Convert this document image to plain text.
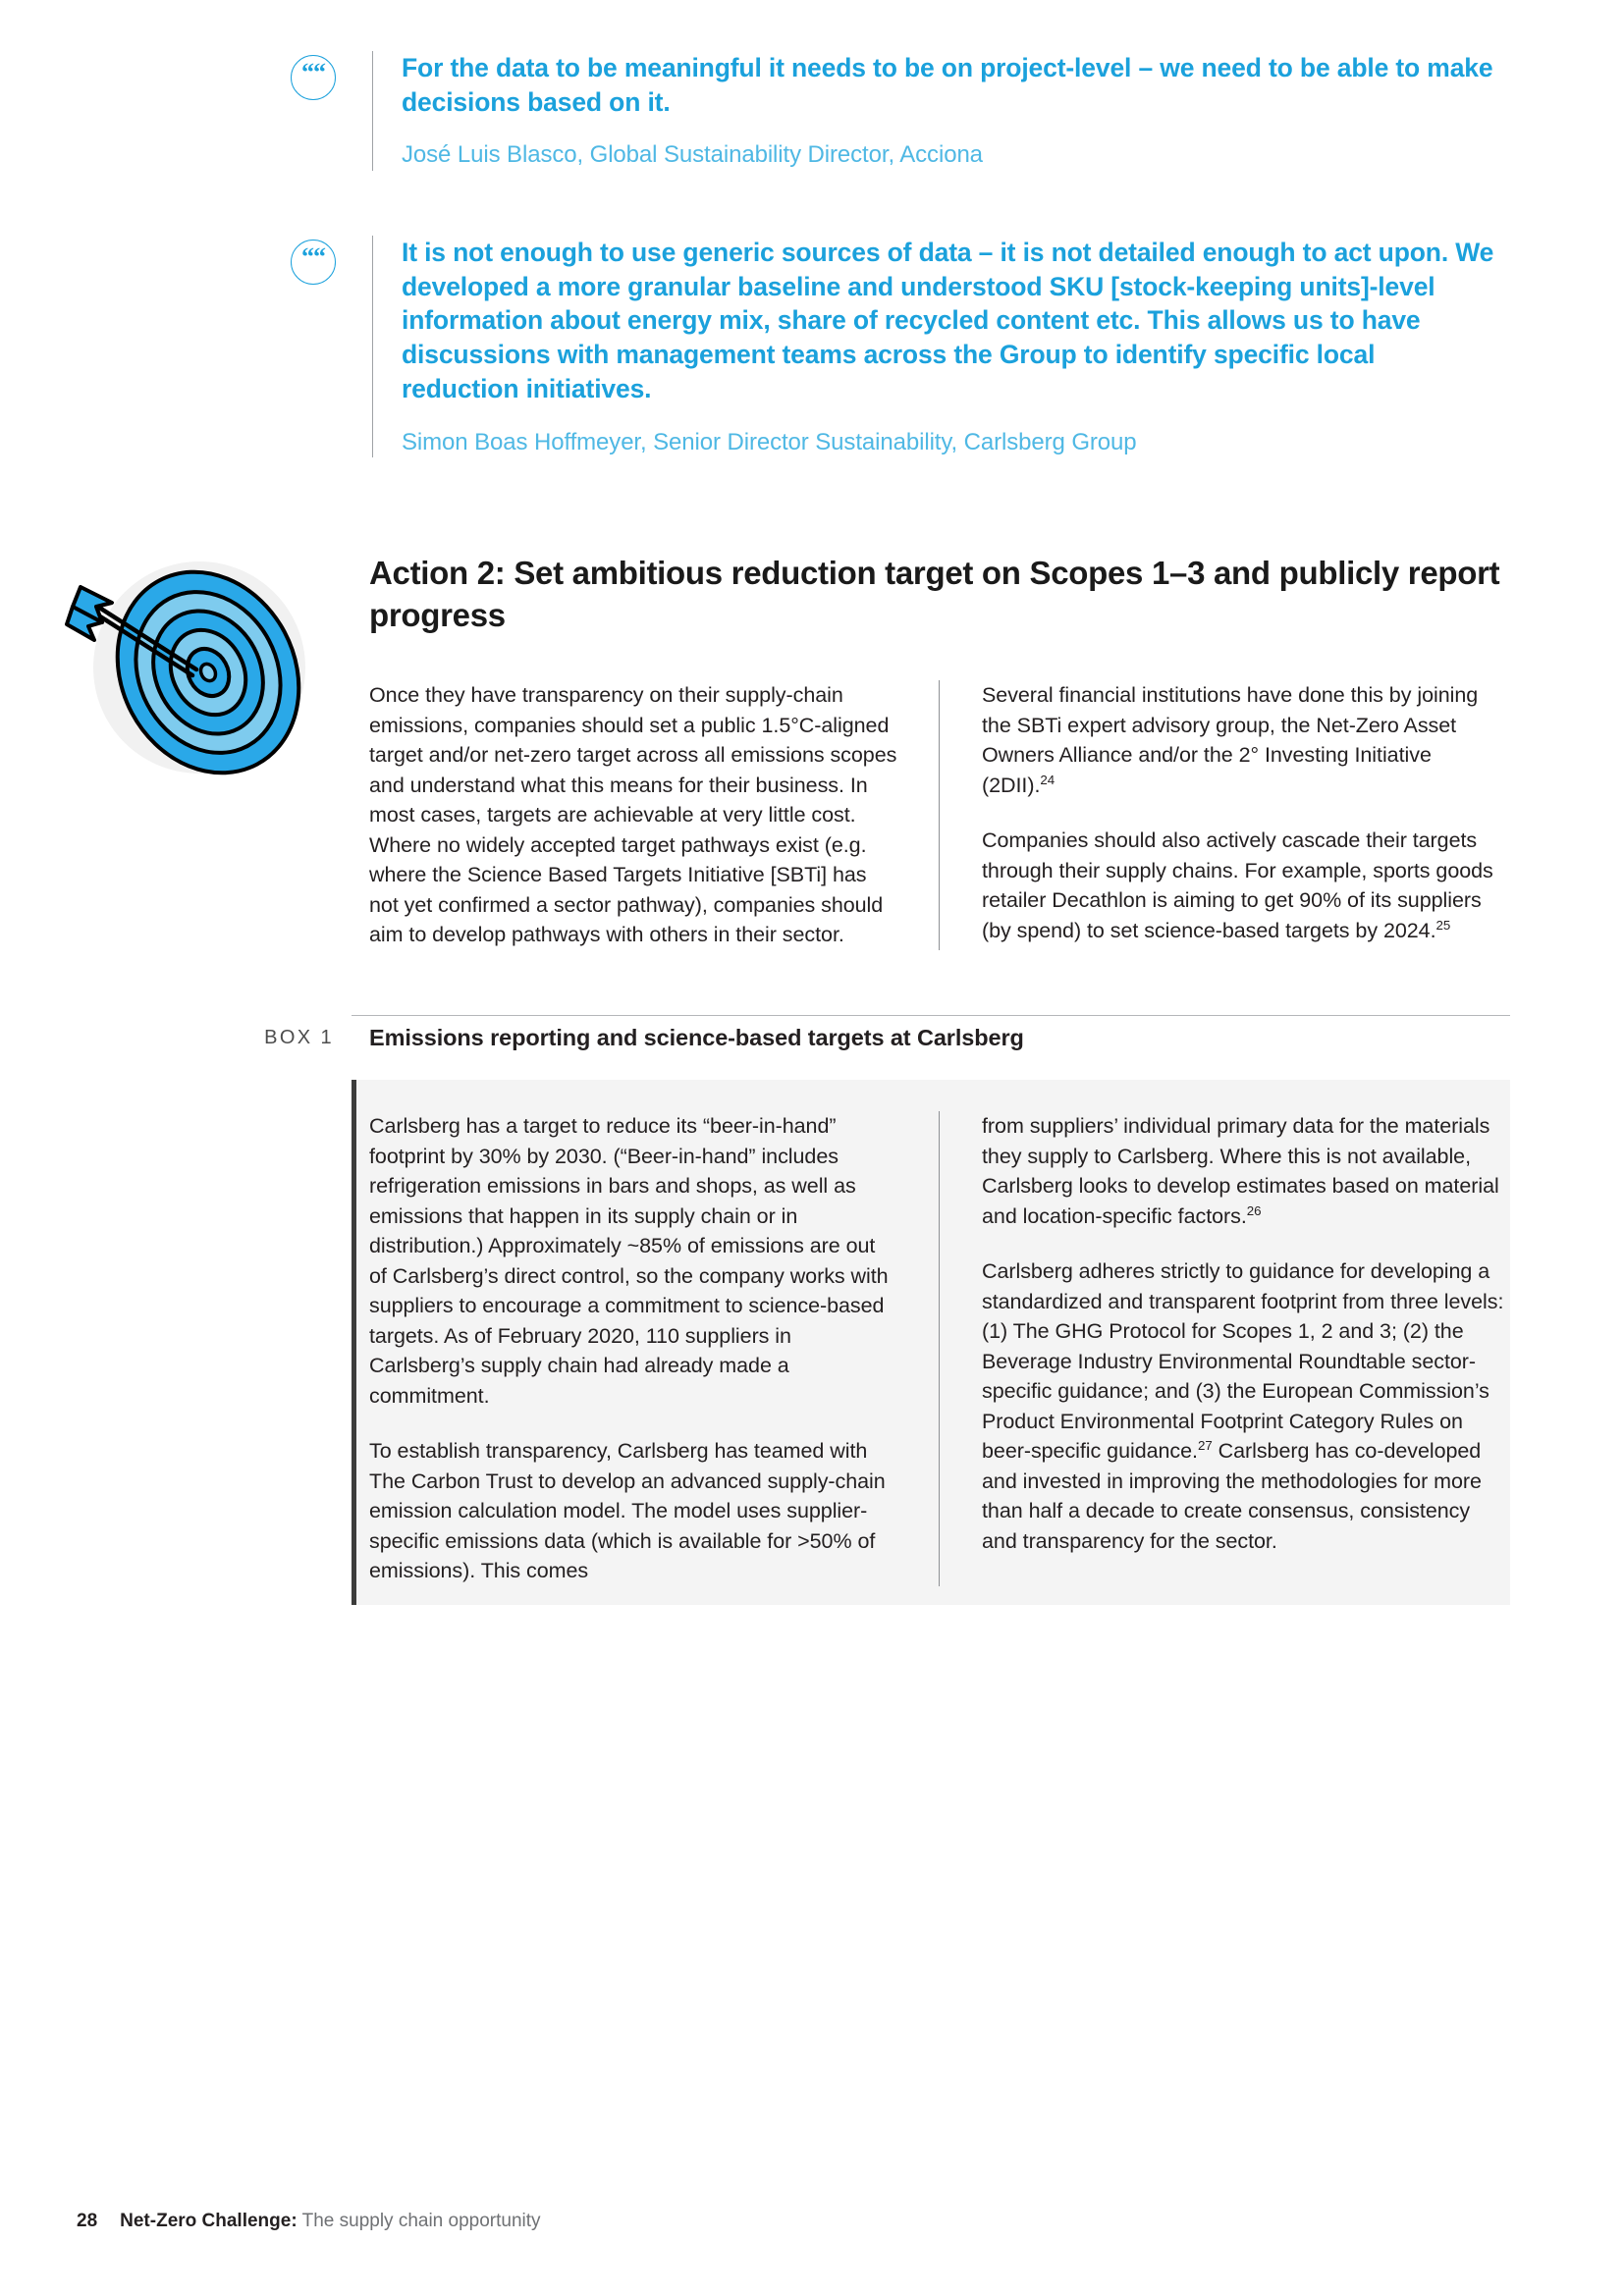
““	For the data to be meaningful it needs to be on project-level – we need to be able to make decisions based on it.

José Luis Blasco, Global Sustainability Director, Acciona

““	It is not enough to use generic sources of data – it is not detailed enough to act upon. We developed a more granular baseline and understood SKU [stock-keeping units]-level information about energy mix, share of recycled content etc. This allows us to have discussions with management teams across the Group to identify specific local reduction initiatives.

Simon Boas Hoffmeyer, Senior Director Sustainability, Carlsberg Group

Action 2: Set ambitious reduction target on Scopes 1–3 and publicly report progress

Once they have transparency on their supply-chain emissions, companies should set a public 1.5°C-aligned target and/or net-zero target across all emissions scopes and understand what this means for their business. In most cases, targets are achievable at very little cost. Where no widely accepted target pathways exist (e.g. where the Science Based Targets Initiative [SBTi] has not yet confirmed a sector pathway), companies should aim to develop pathways with others in their sector.

Several financial institutions have done this by joining the SBTi expert advisory group, the Net-Zero Asset Owners Alliance and/or the 2° Investing Initiative (2DII).$^{24}$

Companies should also actively cascade their targets through their supply chains. For example, sports goods retailer Decathlon is aiming to get 90% of its suppliers (by spend) to set science-based targets by 2024.25

BOX 1 Emissions reporting and science-based targets at Carlsberg

Carlsberg has a target to reduce its “beer-in-hand” footprint by 30% by 2030. (“Beer-in-hand” includes refrigeration emissions in bars and shops, as well as emissions that happen in its supply chain or in distribution.) Approximately ~85% of emissions are out of Carlsberg’s direct control, so the company works with suppliers to encourage a commitment to science-based targets. As of February 2020, 110 suppliers in Carlsberg’s supply chain had already made a commitment.

To establish transparency, Carlsberg has teamed with The Carbon Trust to develop an advanced supply-chain emission calculation model. The model uses supplier-specific emissions data (which is available for >50% of emissions). This comes

from suppliers’ individual primary data for the materials they supply to Carlsberg. Where this is not available, Carlsberg looks to develop estimates based on material and location-specific factors.$^{26}$

Carlsberg adheres strictly to guidance for developing a standardized and transparent footprint from three levels: (1) The GHG Protocol for Scopes 1, 2 and 3; (2) the Beverage Industry Environmental Roundtable sector-specific guidance; and (3) the European Commission’s Product Environmental Footprint Category Rules on beer-specific guidance.$^{27}$ Carlsberg has co-developed and invested in improving the methodologies for more than half a decade to create consensus, consistency and transparency for the sector.

28 Net-Zero Challenge: The supply chain opportunity
